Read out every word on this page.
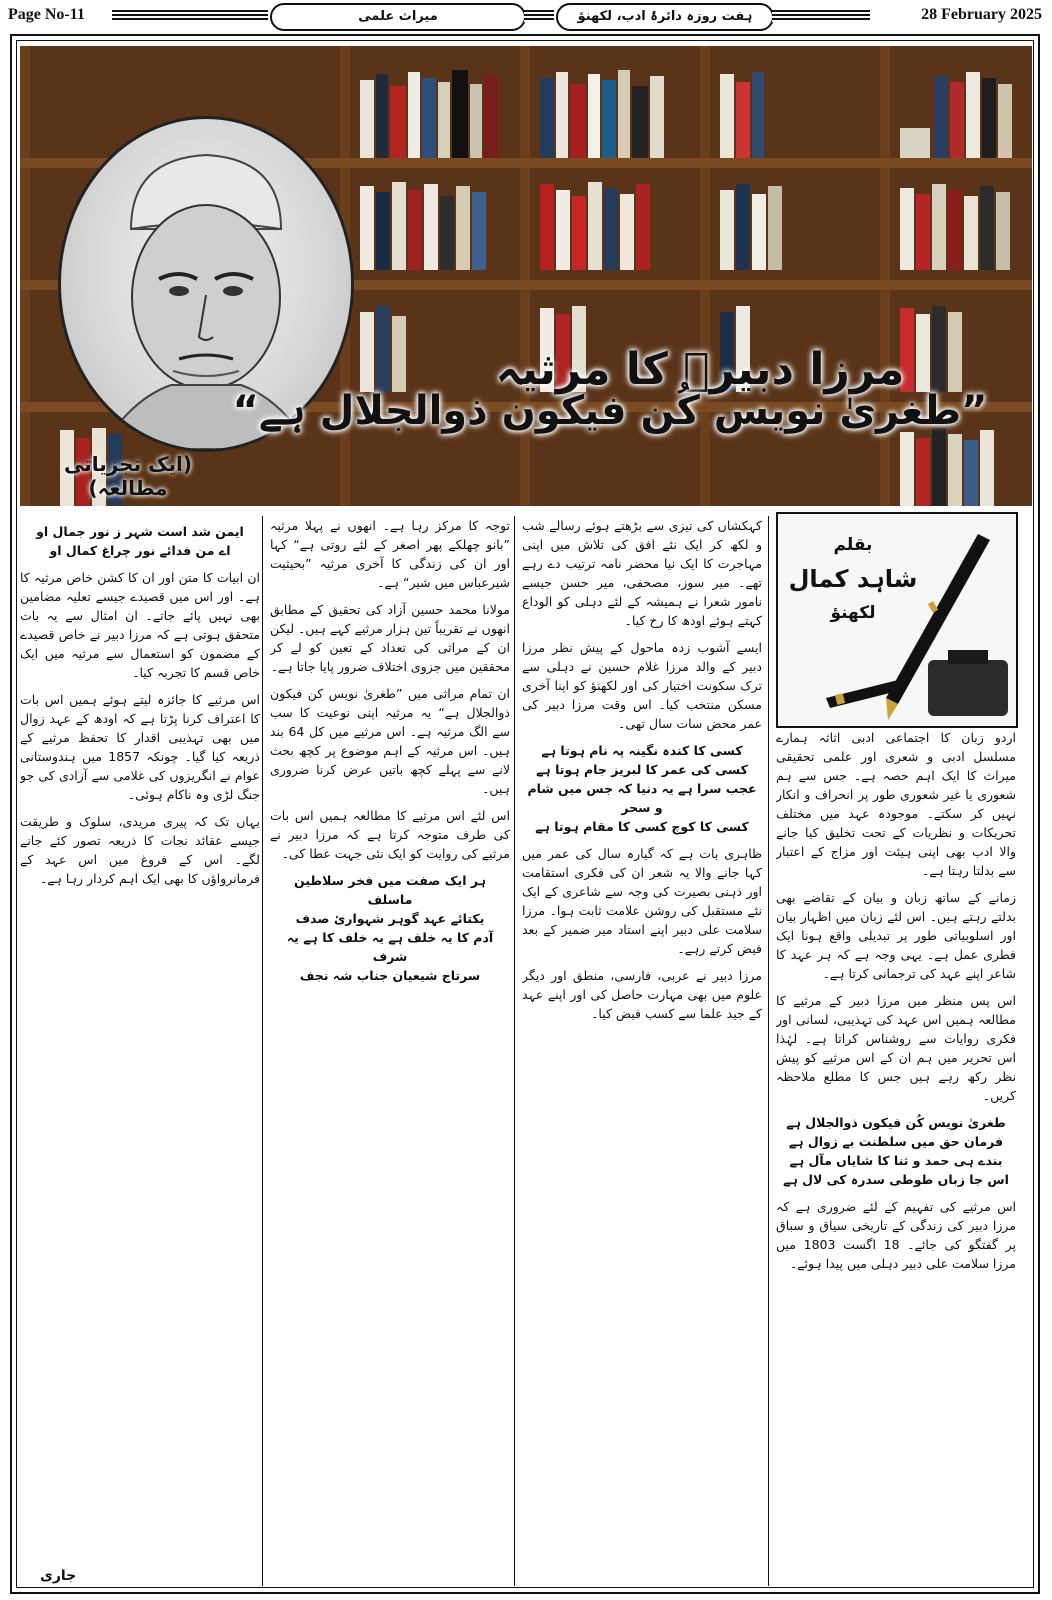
Page No-11	میراث علمی	ہفت روزہ دائرۂ ادب، لکھنؤ	28 February 2025
مرزا دبیرؔ کا مرثیہ
”طغریٰ نویس کُن فیکون ذوالجلال ہے“
(ایک تجزیاتی مطالعہ)
بقلم
شاہد کمال
لکھنؤ

اردو زبان کا اجتماعی ادبی اثاثہ ہمارے مسلسل ادبی و شعری اور علمی تحقیقی میراث کا ایک اہم حصہ ہے۔ جس سے ہم شعوری یا غیر شعوری طور پر انحراف و انکار نہیں کر سکتے۔ موجودہ عہد میں مختلف تحریکات و نظریات کے تحت تخلیق کیا جانے والا ادب بھی اپنی ہیئت اور مزاج کے اعتبار سے بدلتا رہتا ہے۔

زمانے کے ساتھ زبان و بیان کے تقاضے بھی بدلتے رہتے ہیں۔ اس لئے زبان میں اظہار بیان اور اسلوبیاتی طور پر تبدیلی واقع ہونا ایک فطری عمل ہے۔ یہی وجہ ہے کہ ہر عہد کا شاعر اپنے عہد کی ترجمانی کرتا ہے۔

اس پس منظر میں مرزا دبیر کے مرثیے کا مطالعہ ہمیں اس عہد کی تہذیبی، لسانی اور فکری روایات سے روشناس کراتا ہے۔ لہٰذا اس تحریر میں ہم ان کے اس مرثیے کو پیش نظر رکھ رہے ہیں جس کا مطلع ملاحظہ کریں۔

طغریٰ نویس کُن فیکون ذوالجلال ہے
فرمان حق میں سلطنت بے زوال ہے
بندے ہی حمد و ثنا کا شایاں مآل ہے
اس جا زباں طوطی سدرہ کی لال ہے

اس مرثیے کی تفہیم کے لئے ضروری ہے کہ مرزا دبیر کی زندگی کے تاریخی سیاق و سباق پر گفتگو کی جائے۔ 18 اگست 1803 میں مرزا سلامت علی دبیر دہلی میں پیدا ہوئے۔

کہکشاں کی تیزی سے بڑھتے ہوئے رسالے شب و لکھ کر ایک نئے افق کی تلاش میں اپنی مہاجرت کا ایک نیا محضر نامہ ترتیب دے رہے تھے۔ میر سوز، مصحفی، میر حسن جیسے نامور شعرا نے ہمیشہ کے لئے دہلی کو الوداع کہتے ہوئے اودھ کا رخ کیا۔

ایسے آشوب زدہ ماحول کے پیش نظر مرزا دبیر کے والد مرزا غلام حسین نے دہلی سے ترک سکونت اختیار کی اور لکھنؤ کو اپنا آخری مسکن منتخب کیا۔ اس وقت مرزا دبیر کی عمر محض سات سال تھی۔

کسی کا کندہ نگینہ پہ نام ہوتا ہے
کسی کی عمر کا لبریز جام ہوتا ہے
عجب سرا ہے یہ دنیا کہ جس میں شام و سحر
کسی کا کوچ کسی کا مقام ہوتا ہے

ظاہری بات ہے کہ گیارہ سال کی عمر میں کہا جانے والا یہ شعر ان کی فکری استقامت اور ذہنی بصیرت کی وجہ سے شاعری کے ایک نئے مستقبل کی روشن علامت ثابت ہوا۔ مرزا سلامت علی دبیر اپنے استاد میر ضمیر کے بعد فیض کرتے رہے۔

مرزا دبیر نے عربی، فارسی، منطق اور دیگر علوم میں بھی مہارت حاصل کی اور اپنے عہد کے جید علما سے کسب فیض کیا۔

توجہ کا مرکز رہا ہے۔ انھوں نے پہلا مرثیہ ”بانو چھلکے پھر اصغر کے لئے روتی ہے“ کہا اور ان کی زندگی کا آخری مرثیہ ”بحیثیت شیرعباس میں شیر“ ہے۔

مولانا محمد حسین آزاد کی تحقیق کے مطابق انھوں نے تقریباً تین ہزار مرثیے کہے ہیں۔ لیکن ان کے مراثی کی تعداد کے تعین کو لے کر محققین میں جزوی اختلاف ضرور پایا جاتا ہے۔

ان تمام مراثی میں ”طغریٰ نویس کن فیکون ذوالجلال ہے“ یہ مرثیہ اپنی نوعیت کا سب سے الگ مرثیہ ہے۔ اس مرثیے میں کل 64 بند ہیں۔ اس مرثیہ کے اہم موضوع پر کچھ بحث لانے سے پہلے کچھ باتیں عرض کرنا ضروری ہیں۔

اس لئے اس مرثیے کا مطالعہ ہمیں اس بات کی طرف متوجہ کرتا ہے کہ مرزا دبیر نے مرثیے کی روایت کو ایک نئی جہت عطا کی۔

ہر ایک صفت میں فخر سلاطین ماسلف
یکتائے عہد گوہر شہوارئ صدف
آدم کا یہ خلف ہے یہ خلف کا ہے یہ شرف
سرتاج شیعیان جناب شہ نجف
ایمن شد است شہر ز نور جمال او
اے من فدائے نور چراغ کمال او

ان ابیات کا متن اور ان کا کشن خاص مرثیہ کا ہے۔ اور اس میں قصیدے جیسے تعلیہ مضامین بھی نہیں پائے جاتے۔ ان امثال سے یہ بات متحقق ہوتی ہے کہ مرزا دبیر نے خاص قصیدے کے مضمون کو استعمال سے مرثیہ میں ایک خاص قسم کا تجربہ کیا۔

اس مرثیے کا جائزہ لیتے ہوئے ہمیں اس بات کا اعتراف کرنا پڑتا ہے کہ اودھ کے عہد زوال میں بھی تہذیبی اقدار کا تحفظ مرثیے کے ذریعہ کیا گیا۔ چونکہ 1857 میں ہندوستانی عوام نے انگریزوں کی غلامی سے آزادی کی جو جنگ لڑی وہ ناکام ہوئی۔

یہاں تک کہ پیری مریدی، سلوک و طریقت جیسے عقائد نجات کا ذریعہ تصور کئے جانے لگے۔ اس کے فروغ میں اس عہد کے فرمانرواؤں کا بھی ایک اہم کردار رہا ہے۔

جاری
